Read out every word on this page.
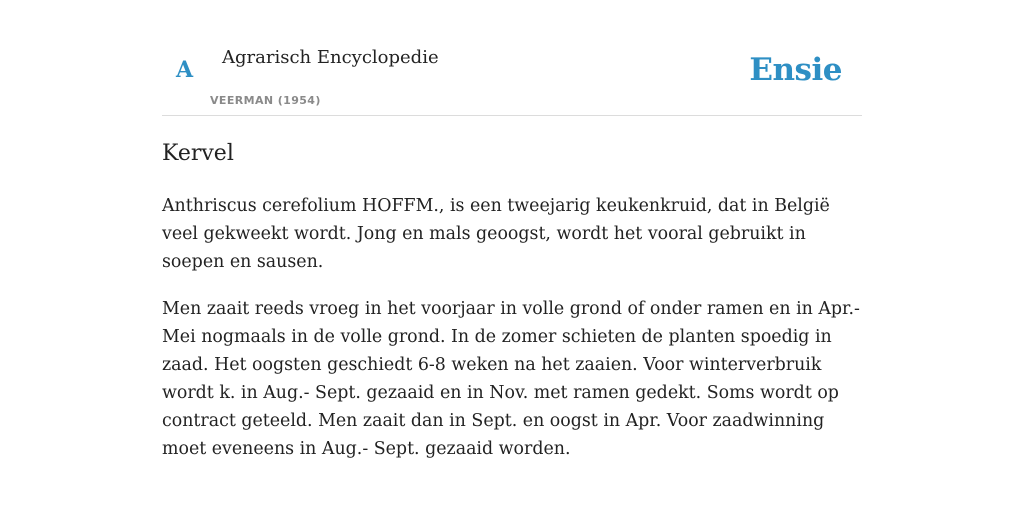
A Agrarisch Encyclopedie
VEERMAN (1954)
Ensie
Kervel

Anthriscus cerefolium HOFFM., is een tweejarig keukenkruid, dat in België veel gekweekt wordt. Jong en mals geoogst, wordt het vooral gebruikt in soepen en sausen.

Men zaait reeds vroeg in het voorjaar in volle grond of onder ramen en in Apr.-Mei nogmaals in de volle grond. In de zomer schieten de planten spoedig in zaad. Het oogsten geschiedt 6-8 weken na het zaaien. Voor winterverbruik wordt k. in Aug.- Sept. gezaaid en in Nov. met ramen gedekt. Soms wordt op contract geteeld. Men zaait dan in Sept. en oogst in Apr. Voor zaadwinning moet eveneens in Aug.- Sept. gezaaid worden.
